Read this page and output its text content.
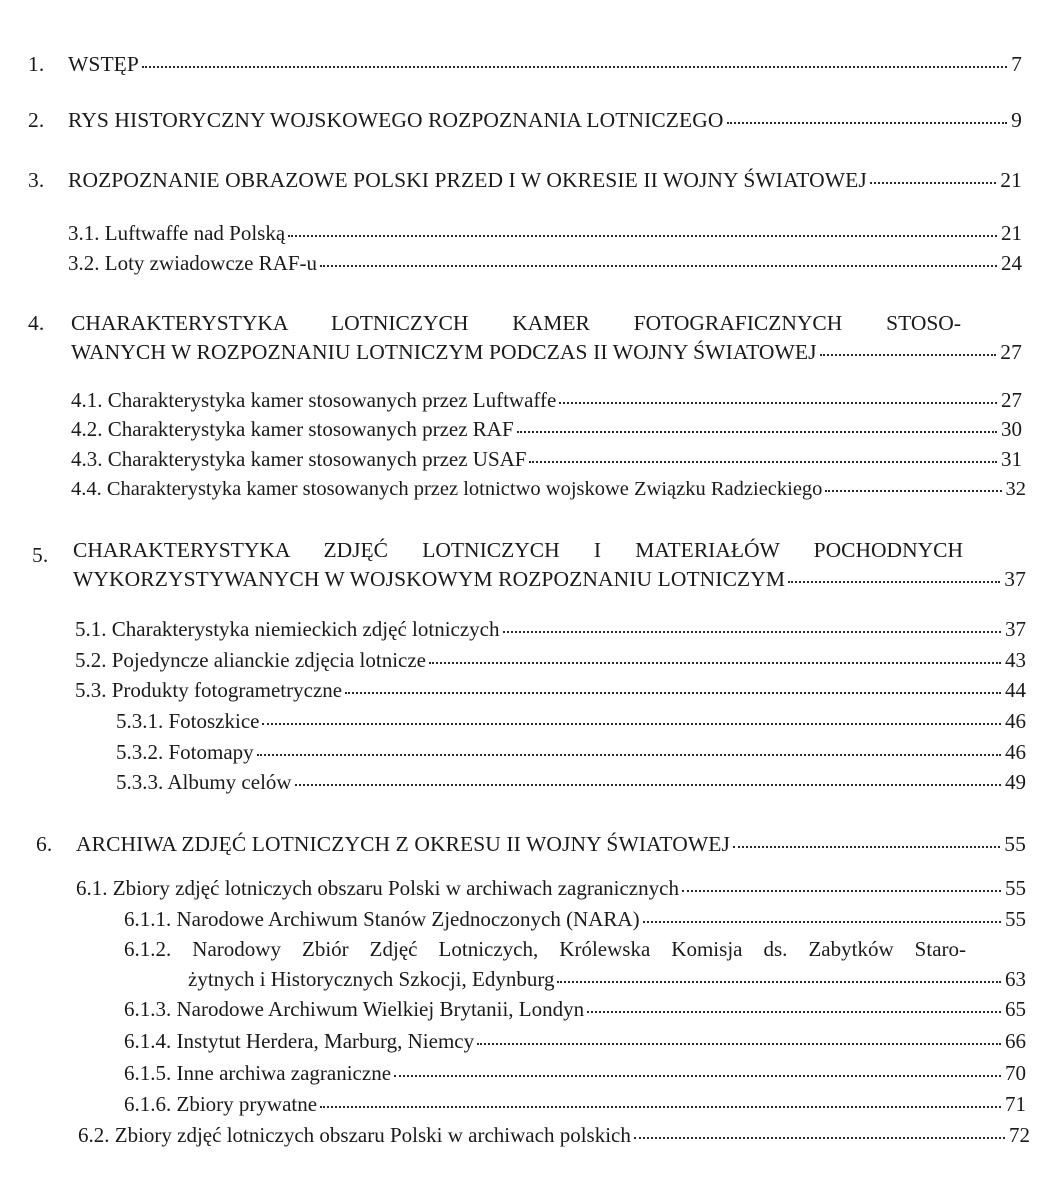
1.	WSTĘP	7
2.	RYS HISTORYCZNY WOJSKOWEGO ROZPOZNANIA LOTNICZEGO	9
3.	ROZPOZNANIE OBRAZOWE POLSKI PRZED I W OKRESIE II WOJNY ŚWIATOWEJ	21
3.1. Luftwaffe nad Polską	21
3.2. Loty zwiadowcze RAF-u	24
4. CHARAKTERYSTYKA LOTNICZYCH KAMER FOTOGRAFICZNYCH STOSO-
WANYCH W ROZPOZNANIU LOTNICZYM PODCZAS II WOJNY ŚWIATOWEJ	27
4.1. Charakterystyka kamer stosowanych przez Luftwaffe	27
4.2. Charakterystyka kamer stosowanych przez RAF	30
4.3. Charakterystyka kamer stosowanych przez USAF	31
4.4. Charakterystyka kamer stosowanych przez lotnictwo wojskowe Związku Radzieckiego	32
5. CHARAKTERYSTYKA ZDJĘĆ LOTNICZYCH I MATERIAŁÓW POCHODNYCH
WYKORZYSTYWANYCH W WOJSKOWYM ROZPOZNANIU LOTNICZYM	37
5.1. Charakterystyka niemieckich zdjęć lotniczych	37
5.2. Pojedyncze alianckie zdjęcia lotnicze	43
5.3. Produkty fotogrametryczne	44
5.3.1. Fotoszkice	46
5.3.2. Fotomapy	46
5.3.3. Albumy celów	49
6.	ARCHIWA ZDJĘĆ LOTNICZYCH Z OKRESU II WOJNY ŚWIATOWEJ	55
6.1. Zbiory zdjęć lotniczych obszaru Polski w archiwach zagranicznych	55
6.1.1. Narodowe Archiwum Stanów Zjednoczonych (NARA)	55
6.1.2. Narodowy Zbiór Zdjęć Lotniczych, Królewska Komisja ds. Zabytków Staro-
żytnych i Historycznych Szkocji, Edynburg	63
6.1.3. Narodowe Archiwum Wielkiej Brytanii, Londyn	65
6.1.4. Instytut Herdera, Marburg, Niemcy	66
6.1.5. Inne archiwa zagraniczne	70
6.1.6. Zbiory prywatne	71
6.2. Zbiory zdjęć lotniczych obszaru Polski w archiwach polskich	72
